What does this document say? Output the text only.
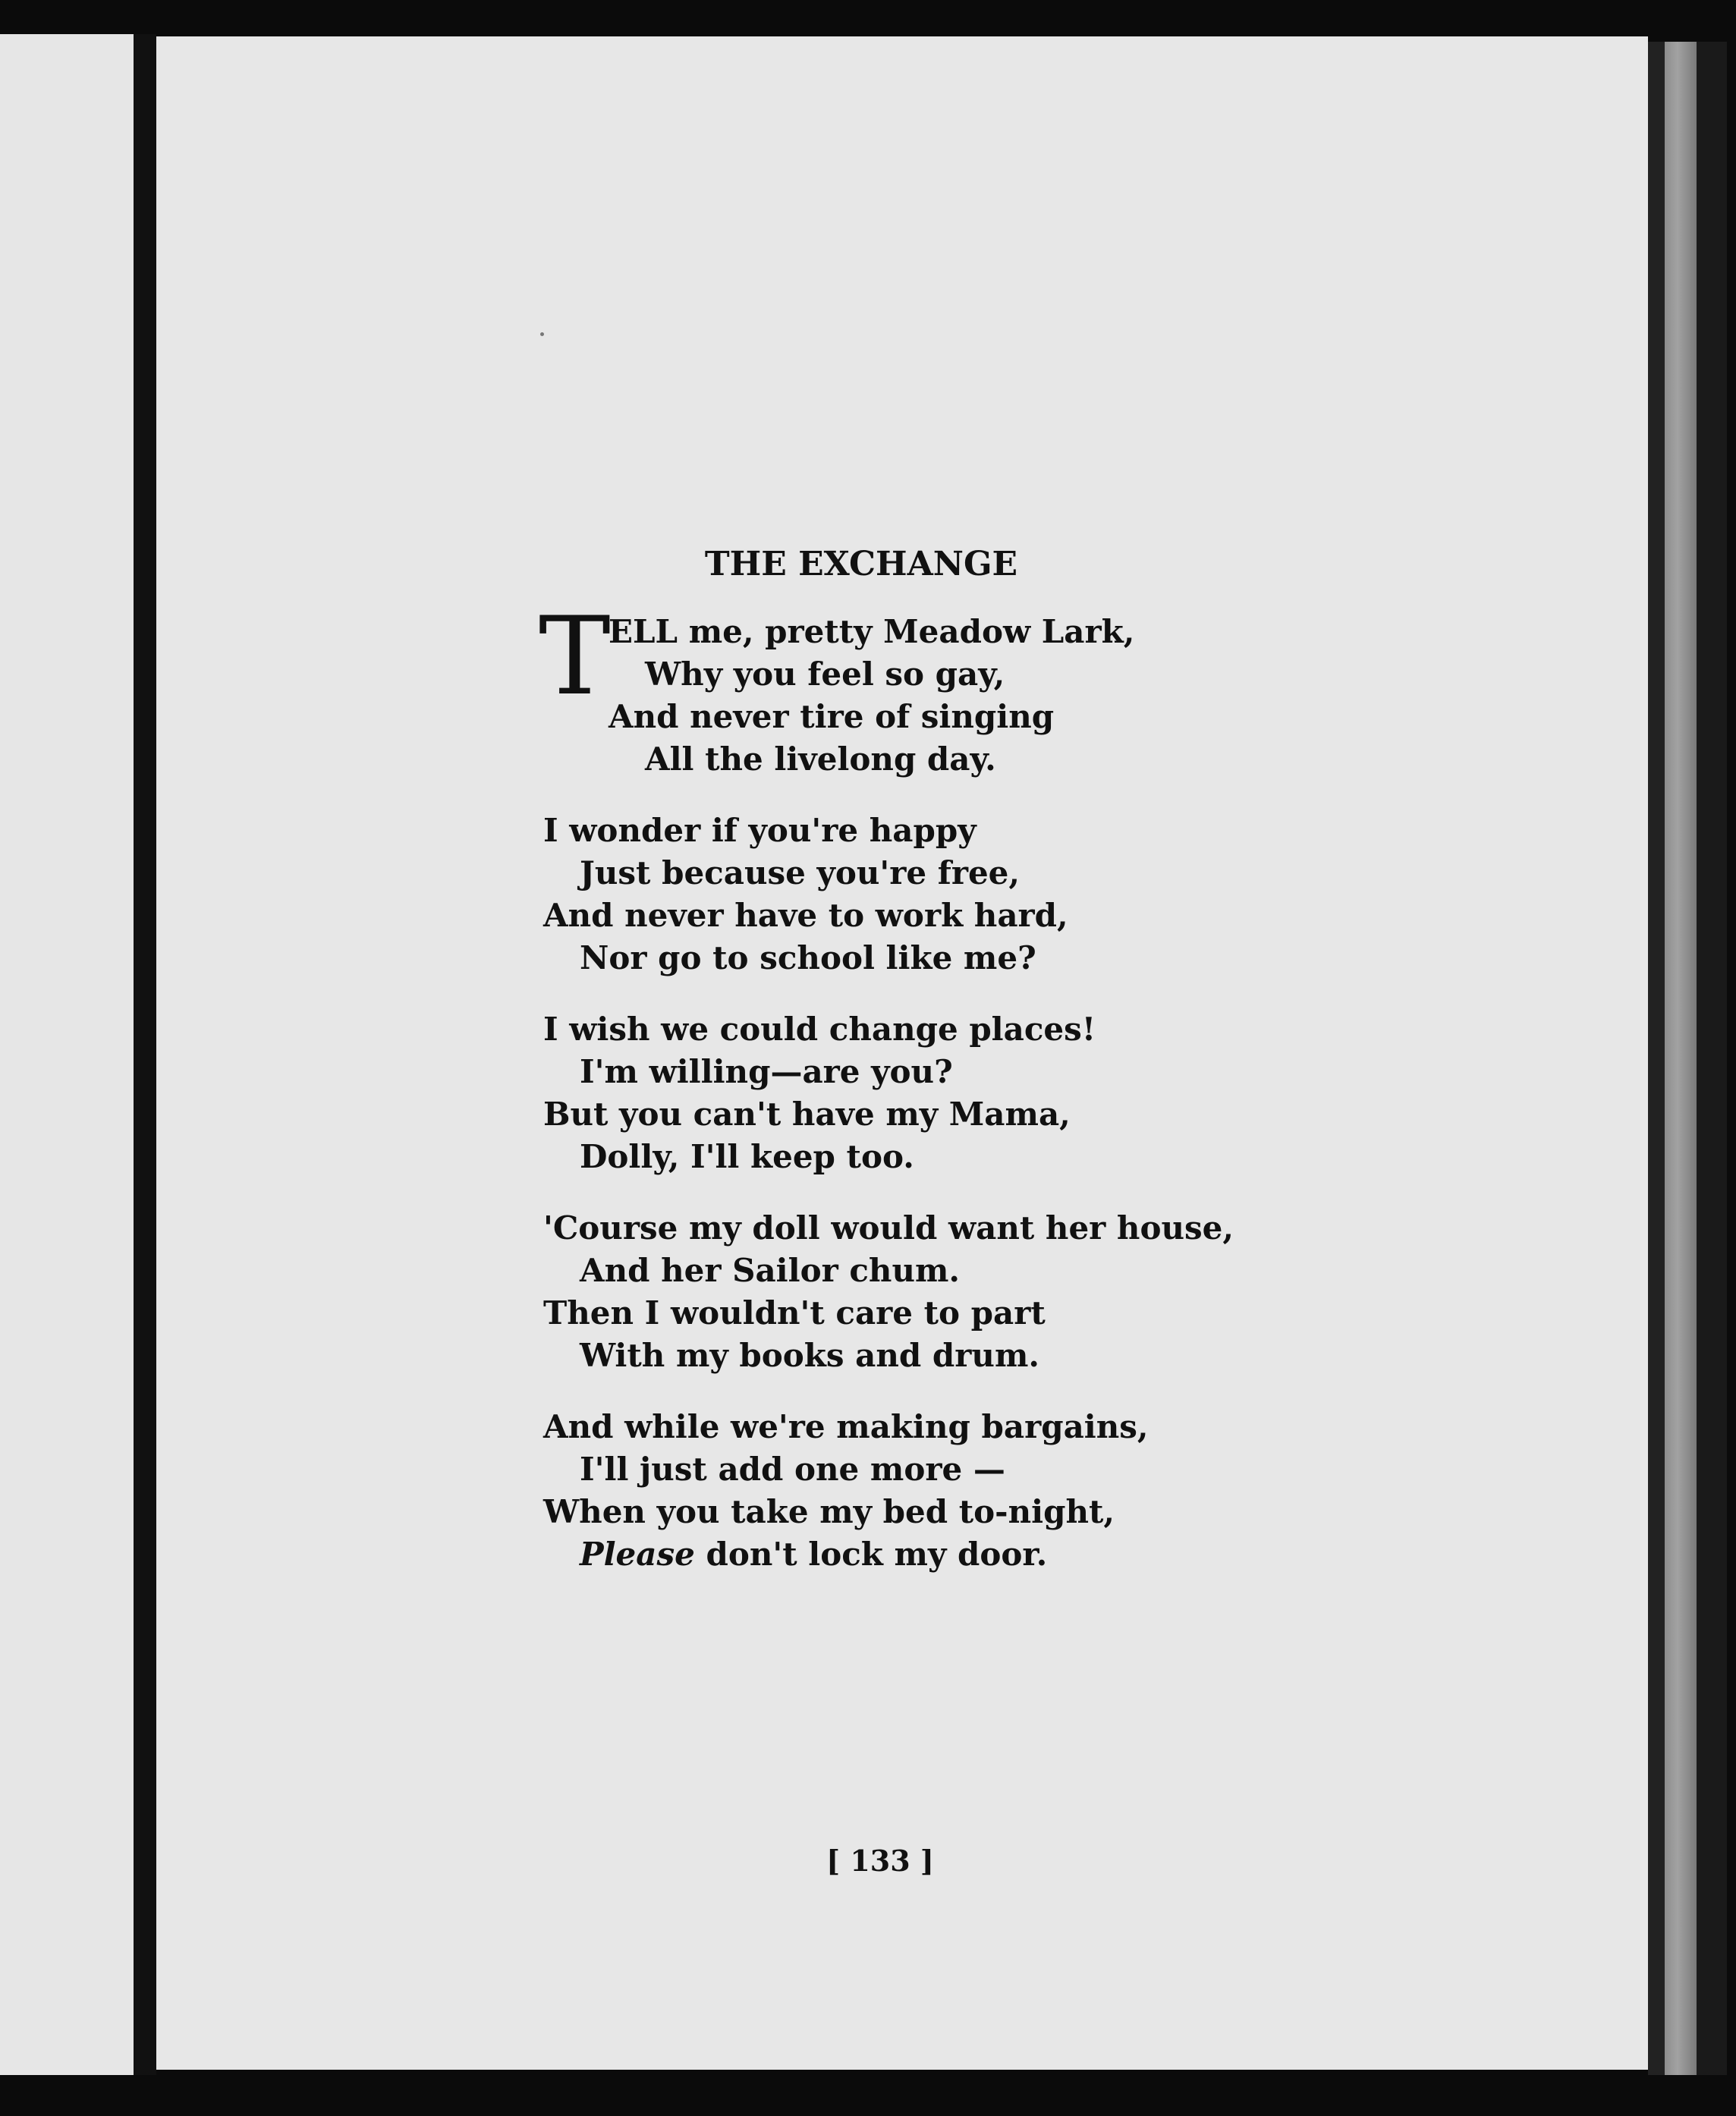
THE EXCHANGE
T
ELL me, pretty Meadow Lark,
Why you feel so gay,
And never tire of singing
All the livelong day.
I wonder if you're happy
Just because you're free,
And never have to work hard,
Nor go to school like me?
I wish we could change places!
I'm willing—are you?
But you can't have my Mama,
Dolly, I'll keep too.
'Course my doll would want her house,
And her Sailor chum.
Then I wouldn't care to part
With my books and drum.
And while we're making bargains,
I'll just add one more —
When you take my bed to-night,
Please don't lock my door.
[ 133 ]
